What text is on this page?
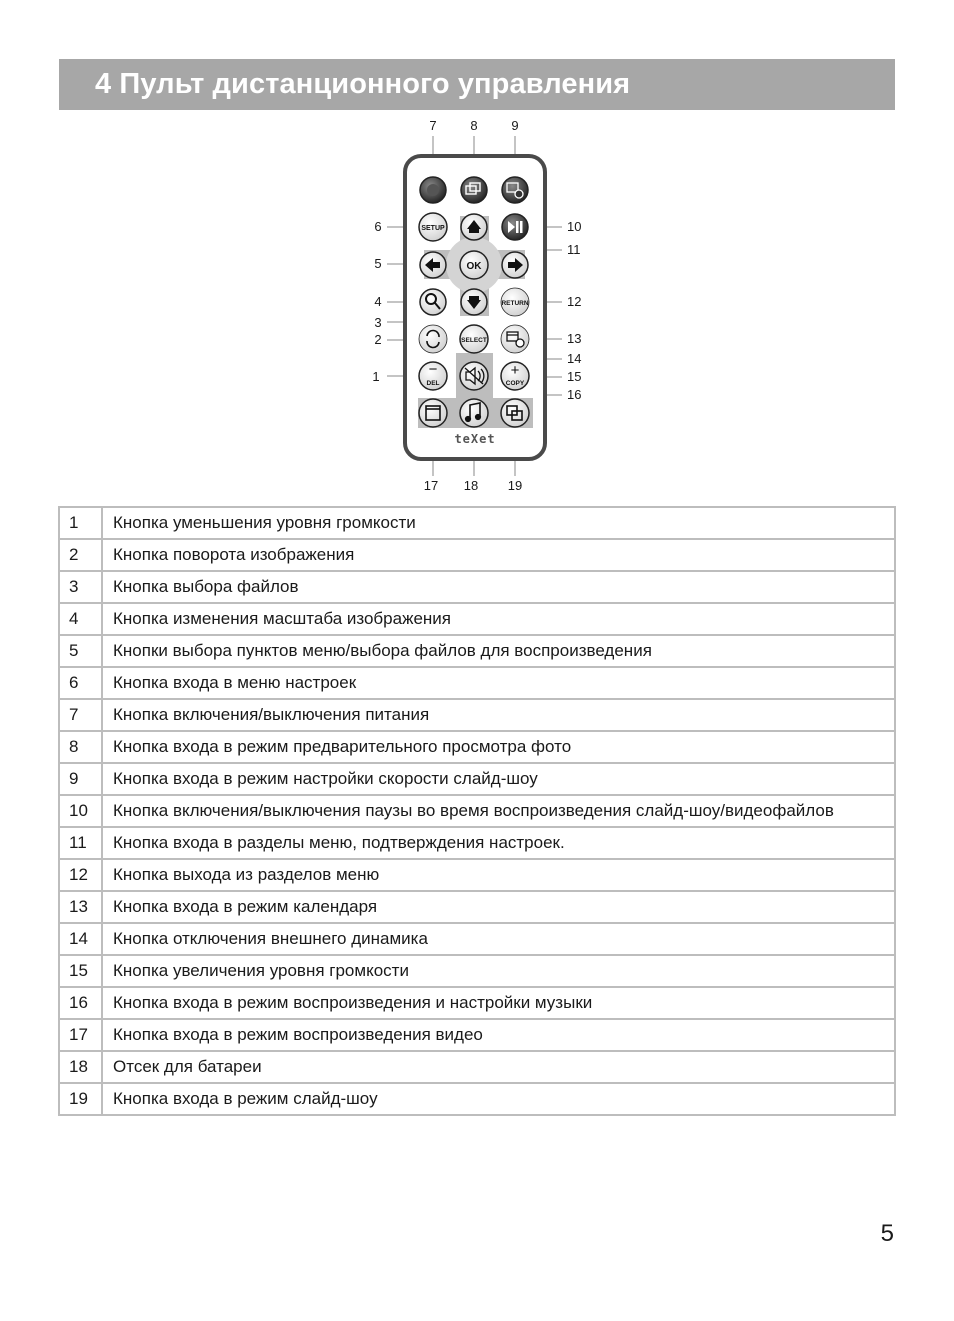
4 Пульт дистанционного управления
SETUP
OK
RETURN
SELECT
−
DEL
+
COPY
teXet
7	8	9
6
5
4
3
2
1
10
11
12
13
14
15
16
17 18 19
1	Кнопка уменьшения уровня громкости
2	Кнопка поворота изображения
3	Кнопка выбора файлов
4	Кнопка изменения масштаба изображения
5	Кнопки выбора пунктов меню/выбора файлов для воспроизведения
6	Кнопка входа в меню настроек
7	Кнопка включения/выключения питания
8	Кнопка входа в режим предварительного просмотра фото
9	Кнопка входа в режим настройки скорости слайд-шоу
10	Кнопка включения/выключения паузы во время воспроизведения слайд-шоу/видеофайлов
11	Кнопка входа в разделы меню, подтверждения настроек.
12	Кнопка выхода из разделов меню
13	Кнопка входа в режим календаря
14	Кнопка отключения внешнего динамика
15	Кнопка увеличения уровня громкости
16	Кнопка входа в режим воспроизведения и настройки музыки
17	Кнопка входа в режим воспроизведения видео
18	Отсек для батареи
19	Кнопка входа в режим слайд-шоу
5
